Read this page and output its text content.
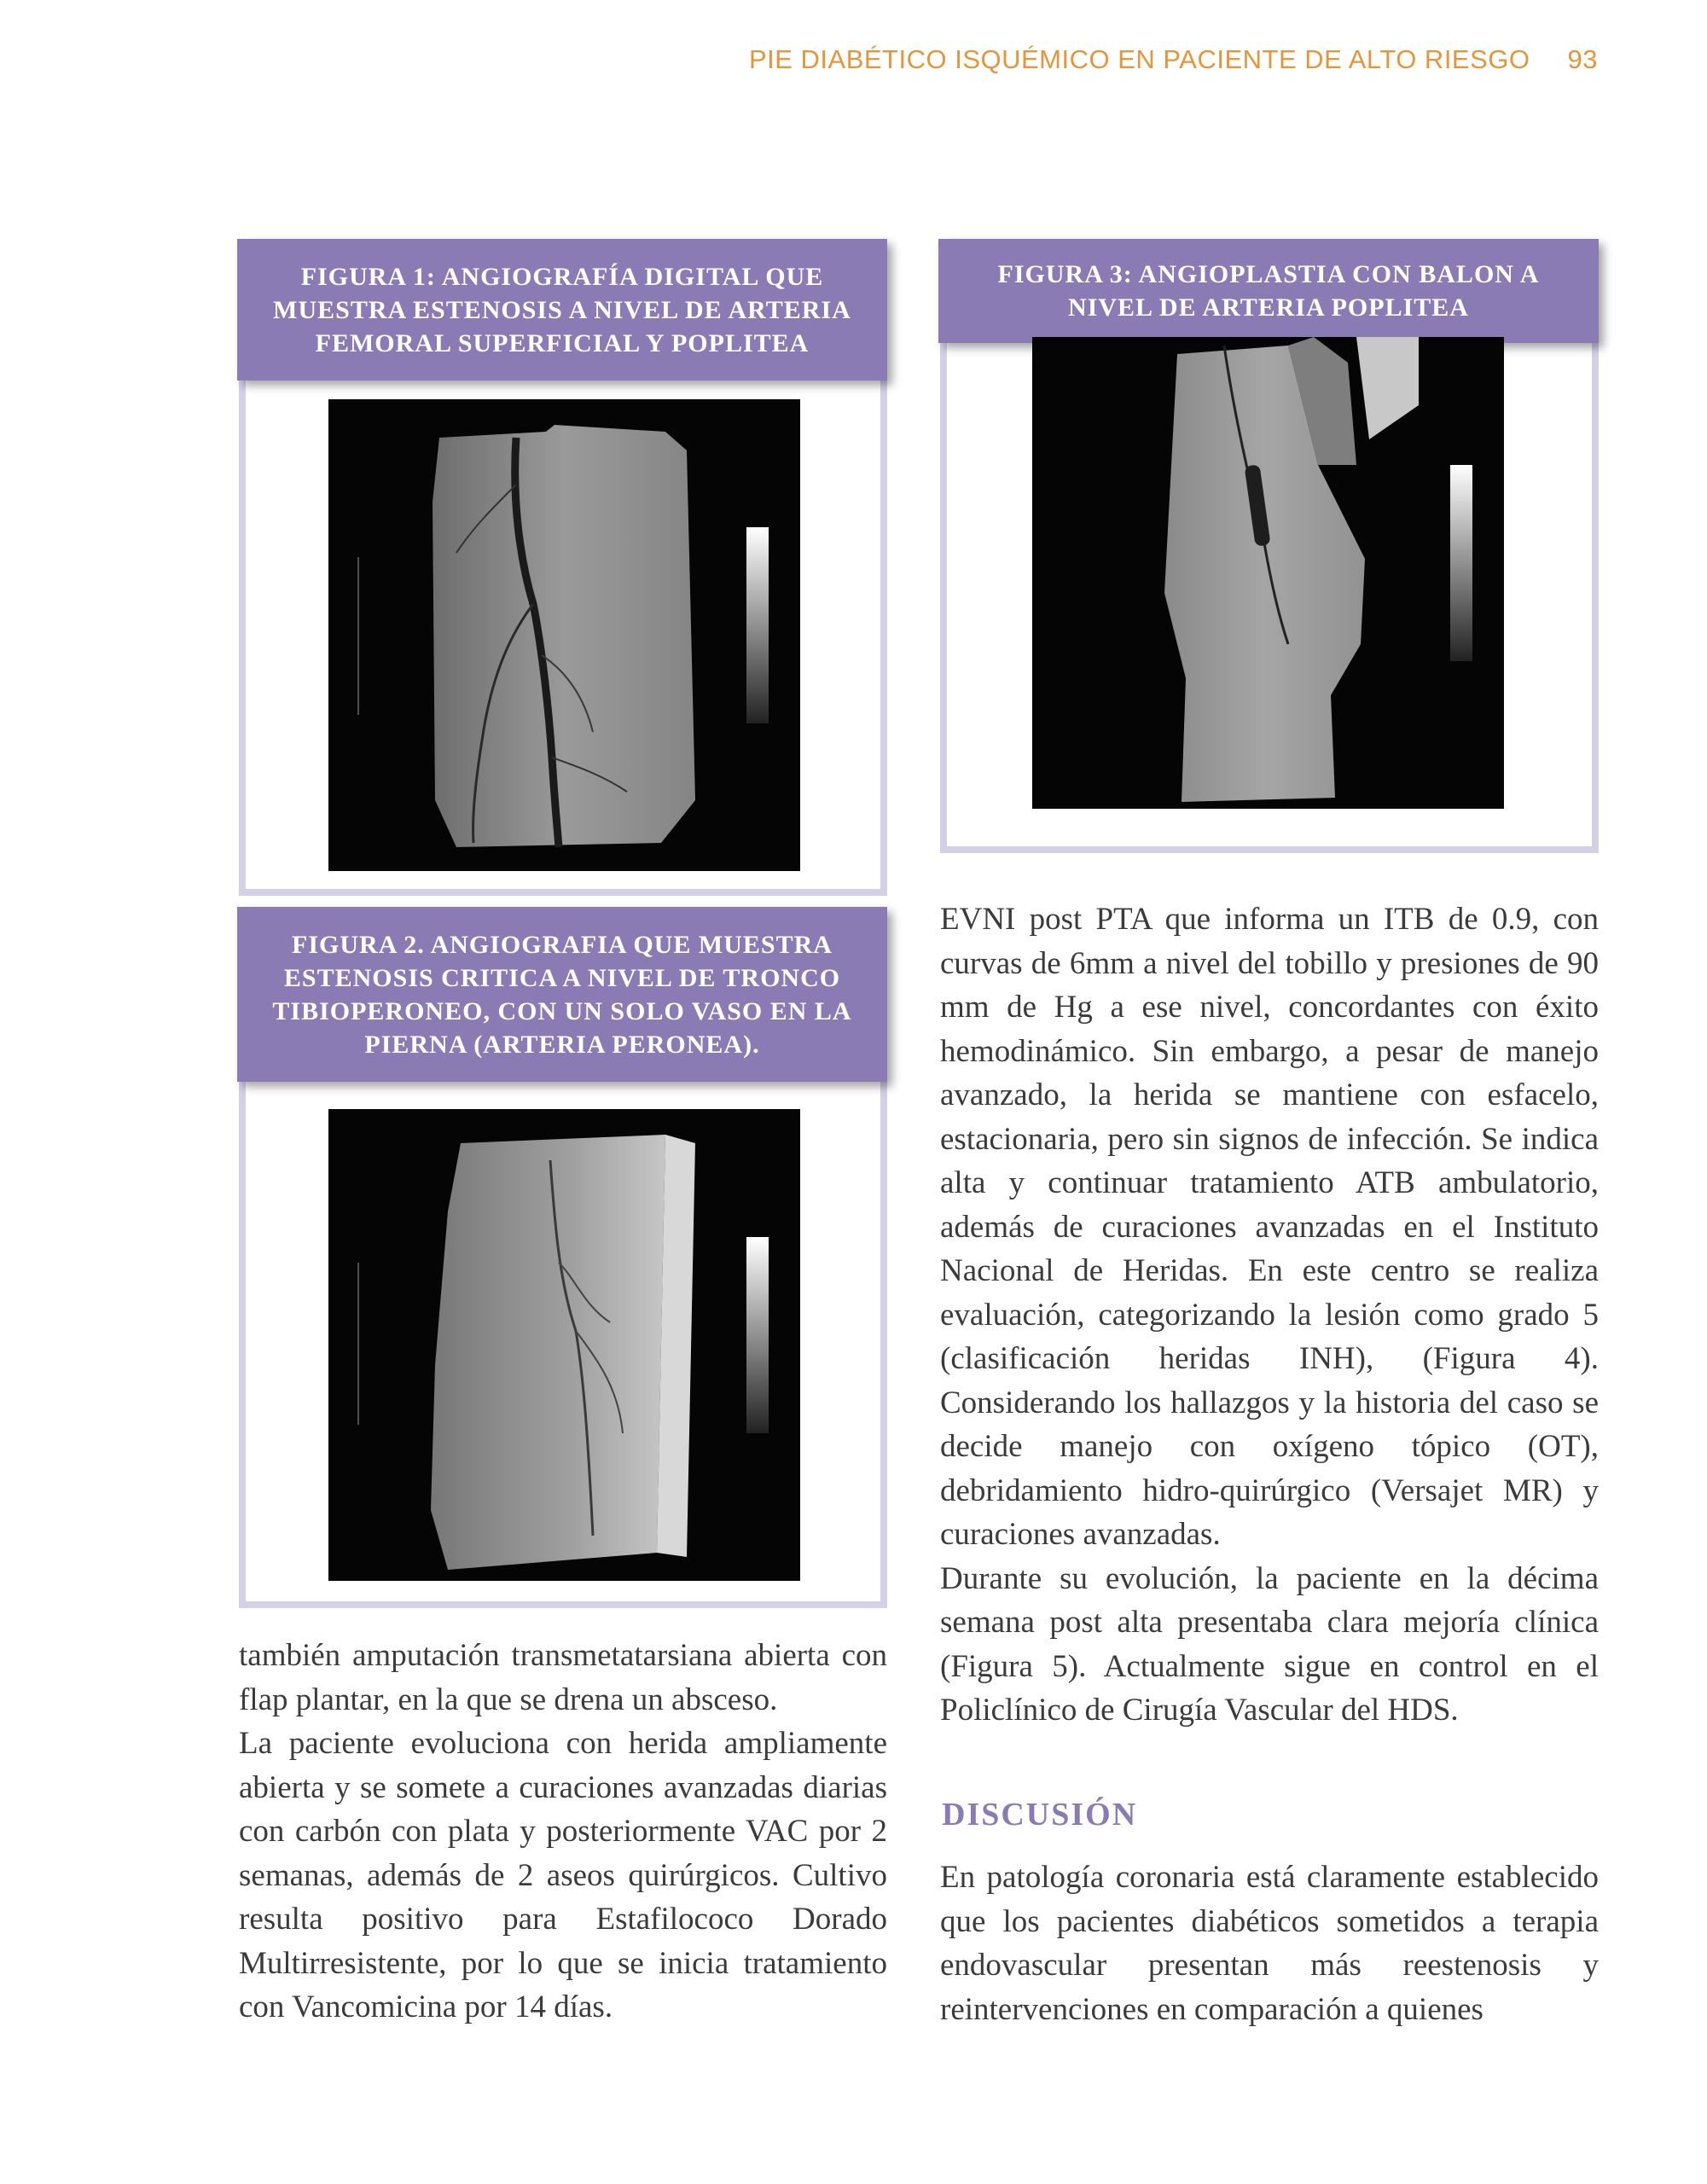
PIE DIABÉTICO ISQUÉMICO EN PACIENTE DE ALTO RIESGO 93
FIGURA 1: ANGIOGRAFÍA DIGITAL QUE MUESTRA ESTENOSIS A NIVEL DE ARTERIA FEMORAL SUPERFICIAL Y POPLITEA
FIGURA 2. ANGIOGRAFIA QUE MUESTRA ESTENOSIS CRITICA A NIVEL DE TRONCO TIBIOPERONEO, CON UN SOLO VASO EN LA PIERNA (ARTERIA PERONEA).
FIGURA 3: ANGIOPLASTIA CON BALON A NIVEL DE ARTERIA POPLITEA

también amputación transmetatarsiana abierta con flap plantar, en la que se drena un absceso.

La paciente evoluciona con herida ampliamente abierta y se somete a curaciones avanzadas diarias con carbón con plata y posteriormente VAC por 2 semanas, además de 2 aseos quirúrgicos. Cultivo resulta positivo para Estafilococo Dorado Multirresistente, por lo que se inicia tratamiento con Vancomicina por 14 días.

EVNI post PTA que informa un ITB de 0.9, con curvas de 6mm a nivel del tobillo y presiones de 90 mm de Hg a ese nivel, concordantes con éxito hemodinámico. Sin embargo, a pesar de manejo avanzado, la herida se mantiene con esfacelo, estacionaria, pero sin signos de infección. Se indica alta y continuar tratamiento ATB ambulatorio, además de curaciones avanzadas en el Instituto Nacional de Heridas. En este centro se realiza evaluación, categorizando la lesión como grado 5 (clasificación heridas INH), (Figura 4). Considerando los hallazgos y la historia del caso se decide manejo con oxígeno tópico (OT), debridamiento hidro-quirúrgico (Versajet MR) y curaciones avanzadas.

Durante su evolución, la paciente en la décima semana post alta presentaba clara mejoría clínica (Figura 5). Actualmente sigue en control en el Policlínico de Cirugía Vascular del HDS.

DISCUSIÓN

En patología coronaria está claramente establecido que los pacientes diabéticos sometidos a terapia endovascular presentan más reestenosis y reintervenciones en comparación a quienes
